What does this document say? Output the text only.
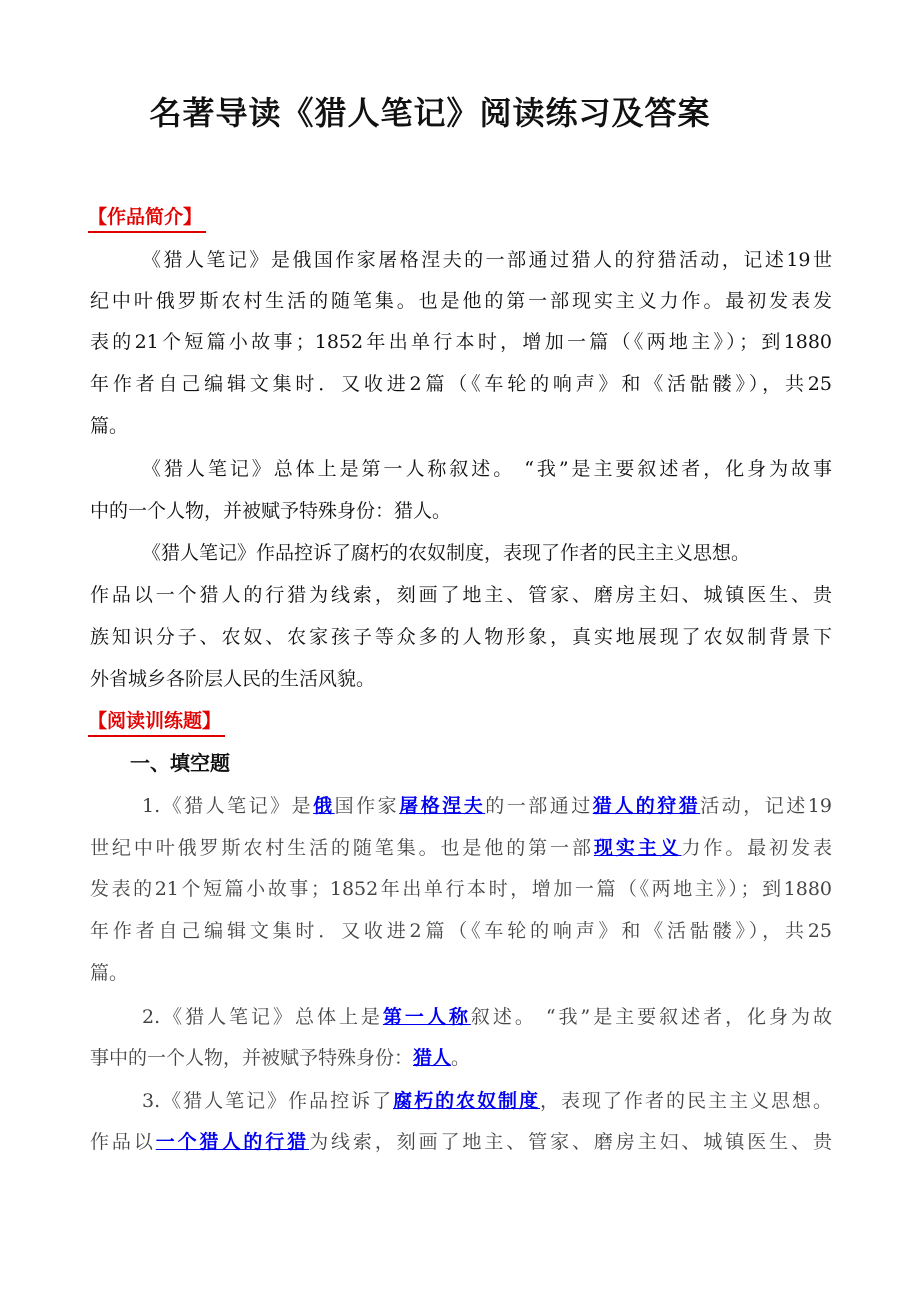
名著导读《猎人笔记》阅读练习及答案
【作品简介】
《猎人笔记》是俄国作家屠格涅夫的一部通过猎人的狩猎活动，记述19世
纪中叶俄罗斯农村生活的随笔集。也是他的第一部现实主义力作。最初发表发
表的21个短篇小故事；1852年出单行本时，增加一篇（《两地主》）；到1880
年作者自己编辑文集时．又收进2篇（《车轮的响声》和《活骷髅》），共25
篇。
《猎人笔记》总体上是第一人称叙述。 “我”是主要叙述者，化身为故事
中的一个人物，并被赋予特殊身份：猎人。
《猎人笔记》作品控诉了腐朽的农奴制度，表现了作者的民主主义思想。
作品以一个猎人的行猎为线索，刻画了地主、管家、磨房主妇、城镇医生、贵
族知识分子、农奴、农家孩子等众多的人物形象，真实地展现了农奴制背景下
外省城乡各阶层人民的生活风貌。
【阅读训练题】
一、填空题
1.《猎人笔记》是俄国作家屠格涅夫的一部通过猎人的狩猎活动，记述19
世纪中叶俄罗斯农村生活的随笔集。也是他的第一部现实主义力作。最初发表
发表的21个短篇小故事；1852年出单行本时，增加一篇（《两地主》）；到1880
年作者自己编辑文集时．又收进2篇（《车轮的响声》和《活骷髅》），共25
篇。
2.《猎人笔记》总体上是第一人称叙述。 “我”是主要叙述者，化身为故
事中的一个人物，并被赋予特殊身份：猎人。
3.《猎人笔记》作品控诉了腐朽的农奴制度，表现了作者的民主主义思想。
作品以一个猎人的行猎为线索，刻画了地主、管家、磨房主妇、城镇医生、贵
